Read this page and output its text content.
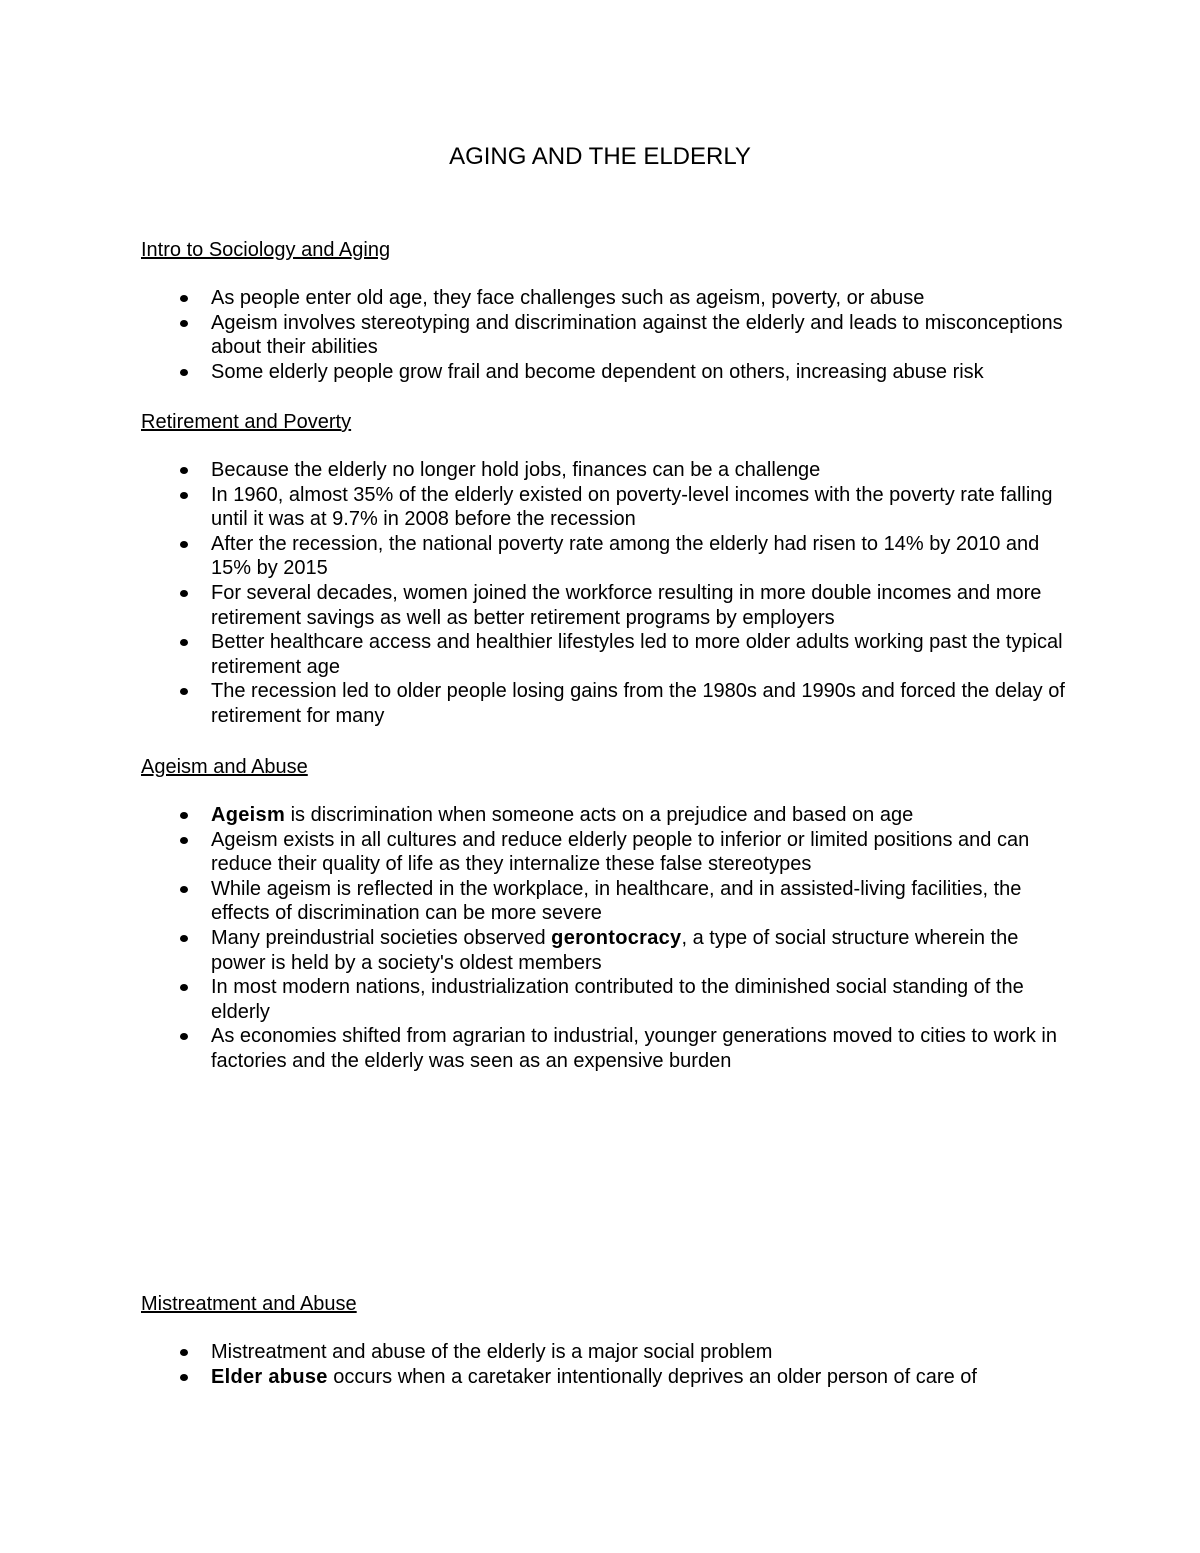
AGING AND THE ELDERLY
Intro to Sociology and Aging
As people enter old age, they face challenges such as ageism, poverty, or abuse
Ageism involves stereotyping and discrimination against the elderly and leads to misconceptions about their abilities
Some elderly people grow frail and become dependent on others, increasing abuse risk
Retirement and Poverty
Because the elderly no longer hold jobs, finances can be a challenge
In 1960, almost 35% of the elderly existed on poverty-level incomes with the poverty rate falling until it was at 9.7% in 2008 before the recession
After the recession, the national poverty rate among the elderly had risen to 14% by 2010 and 15% by 2015
For several decades, women joined the workforce resulting in more double incomes and more retirement savings as well as better retirement programs by employers
Better healthcare access and healthier lifestyles led to more older adults working past the typical retirement age
The recession led to older people losing gains from the 1980s and 1990s and forced the delay of retirement for many
Ageism and Abuse
Ageism is discrimination when someone acts on a prejudice and based on age
Ageism exists in all cultures and reduce elderly people to inferior or limited positions and can reduce their quality of life as they internalize these false stereotypes
While ageism is reflected in the workplace, in healthcare, and in assisted-living facilities, the effects of discrimination can be more severe
Many preindustrial societies observed gerontocracy, a type of social structure wherein the power is held by a society's oldest members
In most modern nations, industrialization contributed to the diminished social standing of the elderly
As economies shifted from agrarian to industrial, younger generations moved to cities to work in factories and the elderly was seen as an expensive burden
Mistreatment and Abuse
Mistreatment and abuse of the elderly is a major social problem
Elder abuse occurs when a caretaker intentionally deprives an older person of care of
